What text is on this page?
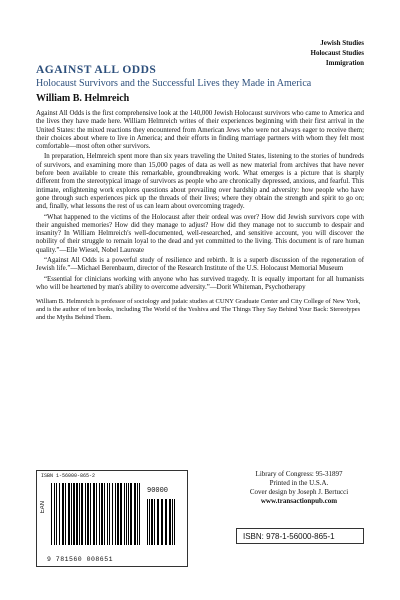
Jewish Studies
Holocaust Studies
Immigration
AGAINST ALL ODDS
Holocaust Survivors and the Successful Lives they Made in America
William B. Helmreich

Against All Odds is the first comprehensive look at the 140,000 Jewish Holocaust survivors who came to America and the lives they have made here. William Helmreich writes of their experiences beginning with their first arrival in the United States: the mixed reactions they encountered from American Jews who were not always eager to receive them; their choices about where to live in America; and their efforts in finding marriage partners with whom they felt most comfortable—most often other survivors.

In preparation, Helmreich spent more than six years traveling the United States, listening to the stories of hundreds of survivors, and examining more than 15,000 pages of data as well as new material from archives that have never before been available to create this remarkable, groundbreaking work. What emerges is a picture that is sharply different from the stereotypical image of survivors as people who are chronically depressed, anxious, and fearful. This intimate, enlightening work explores questions about prevailing over hardship and adversity: how people who have gone through such experiences pick up the threads of their lives; where they obtain the strength and spirit to go on; and, finally, what lessons the rest of us can learn about overcoming tragedy.

“What happened to the victims of the Holocaust after their ordeal was over? How did Jewish survivors cope with their anguished memories? How did they manage to adjust? How did they manage not to succumb to despair and insanity? In William Helmreich's well-documented, well-researched, and sensitive account, you will discover the nobility of their struggle to remain loyal to the dead and yet committed to the living. This document is of rare human quality.”—Elle Wiesel, Nobel Laureate

“Against All Odds is a powerful study of resilience and rebirth. It is a superb discussion of the regeneration of Jewish life.”—Michael Berenbaum, director of the Research Institute of the U.S. Holocaust Memorial Museum

“Essential for clinicians working with anyone who has survived tragedy. It is equally important for all humanists who will be heartened by man's ability to overcome adversity.”—Dorit Whiteman, Psychotherapy

William B. Helmreich is professor of sociology and judaic studies at CUNY Graduate Center and City College of New York, and is the author of ten books, including The World of the Yeshiva and The Things They Say Behind Your Back: Stereotypes and the Myths Behind Them.
ISBN 1-56000-865-2
EAN
90000
9 781560 008651
Library of Congress: 95-31897
Printed in the U.S.A.
Cover design by Joseph J. Bertucci
www.transactionpub.com
ISBN: 978-1-56000-865-1
